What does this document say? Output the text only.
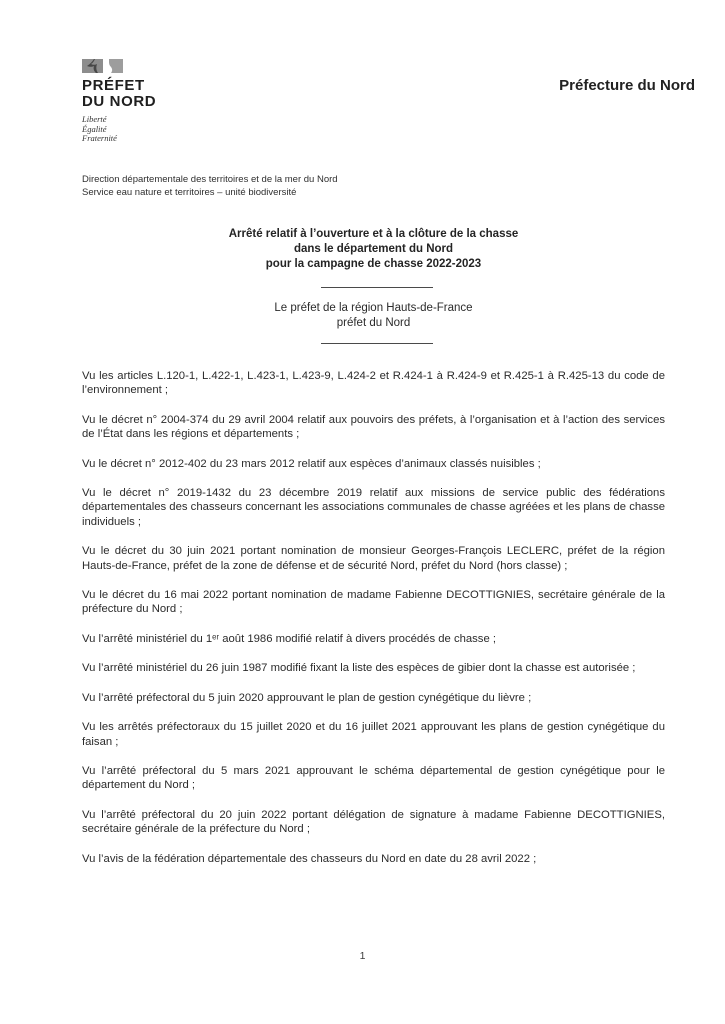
PRÉFET
DU NORD
Liberté
Égalité
Fraternité
Préfecture du Nord
Direction départementale des territoires et de la mer du Nord
Service eau nature et territoires – unité biodiversité
Arrêté relatif à l’ouverture et à la clôture de la chasse
dans le département du Nord
pour la campagne de chasse 2022-2023
Le préfet de la région Hauts-de-France
préfet du Nord

Vu les articles L.120-1, L.422-1, L.423-1, L.423-9, L.424-2 et R.424-1 à R.424-9 et R.425-1 à R.425-13 du code de l’environnement ;

Vu le décret n° 2004-374 du 29 avril 2004 relatif aux pouvoirs des préfets, à l’organisation et à l’action des services de l’État dans les régions et départements ;

Vu le décret n° 2012-402 du 23 mars 2012 relatif aux espèces d’animaux classés nuisibles ;

Vu le décret n° 2019-1432 du 23 décembre 2019 relatif aux missions de service public des fédérations départementales des chasseurs concernant les associations communales de chasse agréées et les plans de chasse individuels ;

Vu le décret du 30 juin 2021 portant nomination de monsieur Georges-François LECLERC, préfet de la région Hauts-de-France, préfet de la zone de défense et de sécurité Nord, préfet du Nord (hors classe) ;

Vu le décret du 16 mai 2022 portant nomination de madame Fabienne DECOTTIGNIES, secrétaire générale de la préfecture du Nord ;

Vu l’arrêté ministériel du 1ᵉʳ août 1986 modifié relatif à divers procédés de chasse ;

Vu l’arrêté ministériel du 26 juin 1987 modifié fixant la liste des espèces de gibier dont la chasse est autorisée ;

Vu l’arrêté préfectoral du 5 juin 2020 approuvant le plan de gestion cynégétique du lièvre ;

Vu les arrêtés préfectoraux du 15 juillet 2020 et du 16 juillet 2021 approuvant les plans de gestion cynégétique du faisan ;

Vu l’arrêté préfectoral du 5 mars 2021 approuvant le schéma départemental de gestion cynégétique pour le département du Nord ;

Vu l’arrêté préfectoral du 20 juin 2022 portant délégation de signature à madame Fabienne DECOTTIGNIES, secrétaire générale de la préfecture du Nord ;

Vu l’avis de la fédération départementale des chasseurs du Nord en date du 28 avril 2022 ;

1
